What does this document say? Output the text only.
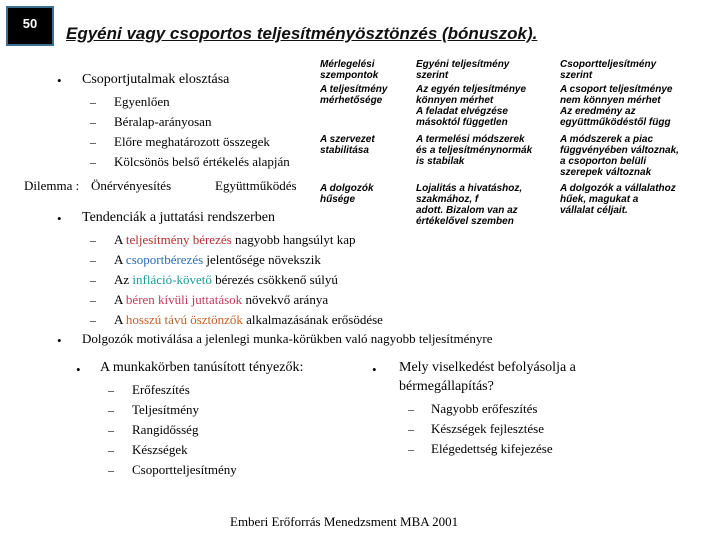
50
Egyéni vagy csoportos teljesítményösztönzés (bónuszok).
• Csoportjutalmak elosztása
– Egyenlően
– Béralap-arányosan
– Előre meghatározott összegek
– Kölcsönös belső értékelés alapján
Dilemma : Önérvényesítés	Együttműködés
Mérlegelési
szempontok
Egyéni teljesítmény
szerint
Csoportteljesítmény
szerint
A teljesítmény
mérhetősége
Az egyén teljesítménye
könnyen mérhet
A feladat elvégzése
másoktól független
A csoport teljesítménye
nem könnyen mérhet
Az eredmény az
együttműködéstől függ
A szervezet
stabilitása
A termelési módszerek
és a teljesítménynormák
is stabilak
A módszerek a piac
függvényében változnak,
a csoporton belüli
szerepek változnak
A dolgozók
hűsége
Lojalitás a hivatáshoz,
szakmához, f
adott. Bizalom van az
értékelővel szemben
A dolgozók a vállalathoz
hűek, magukat a
vállalat céljait.
• Tendenciák a juttatási rendszerben
– A teljesítmény bérezés nagyobb hangsúlyt kap
– A csoportbérezés jelentősége növekszik
– Az infláció-követő bérezés csökkenő súlyú
– A béren kívüli juttatások növekvő aránya
– A hosszú távú ösztönzők alkalmazásának erősödése
• Dolgozók motiválása a jelenlegi munka-körükben való nagyobb teljesítményre
• A munkakörben tanúsított tényezők:
– Erőfeszítés
– Teljesítmény
– Rangidősség
– Készségek
– Csoportteljesítmény
• Mely viselkedést befolyásolja a
bérmegállapítás?
– Nagyobb erőfeszítés
– Készségek fejlesztése
– Elégedettség kifejezése
Emberi Erőforrás Menedzsment MBA 2001
